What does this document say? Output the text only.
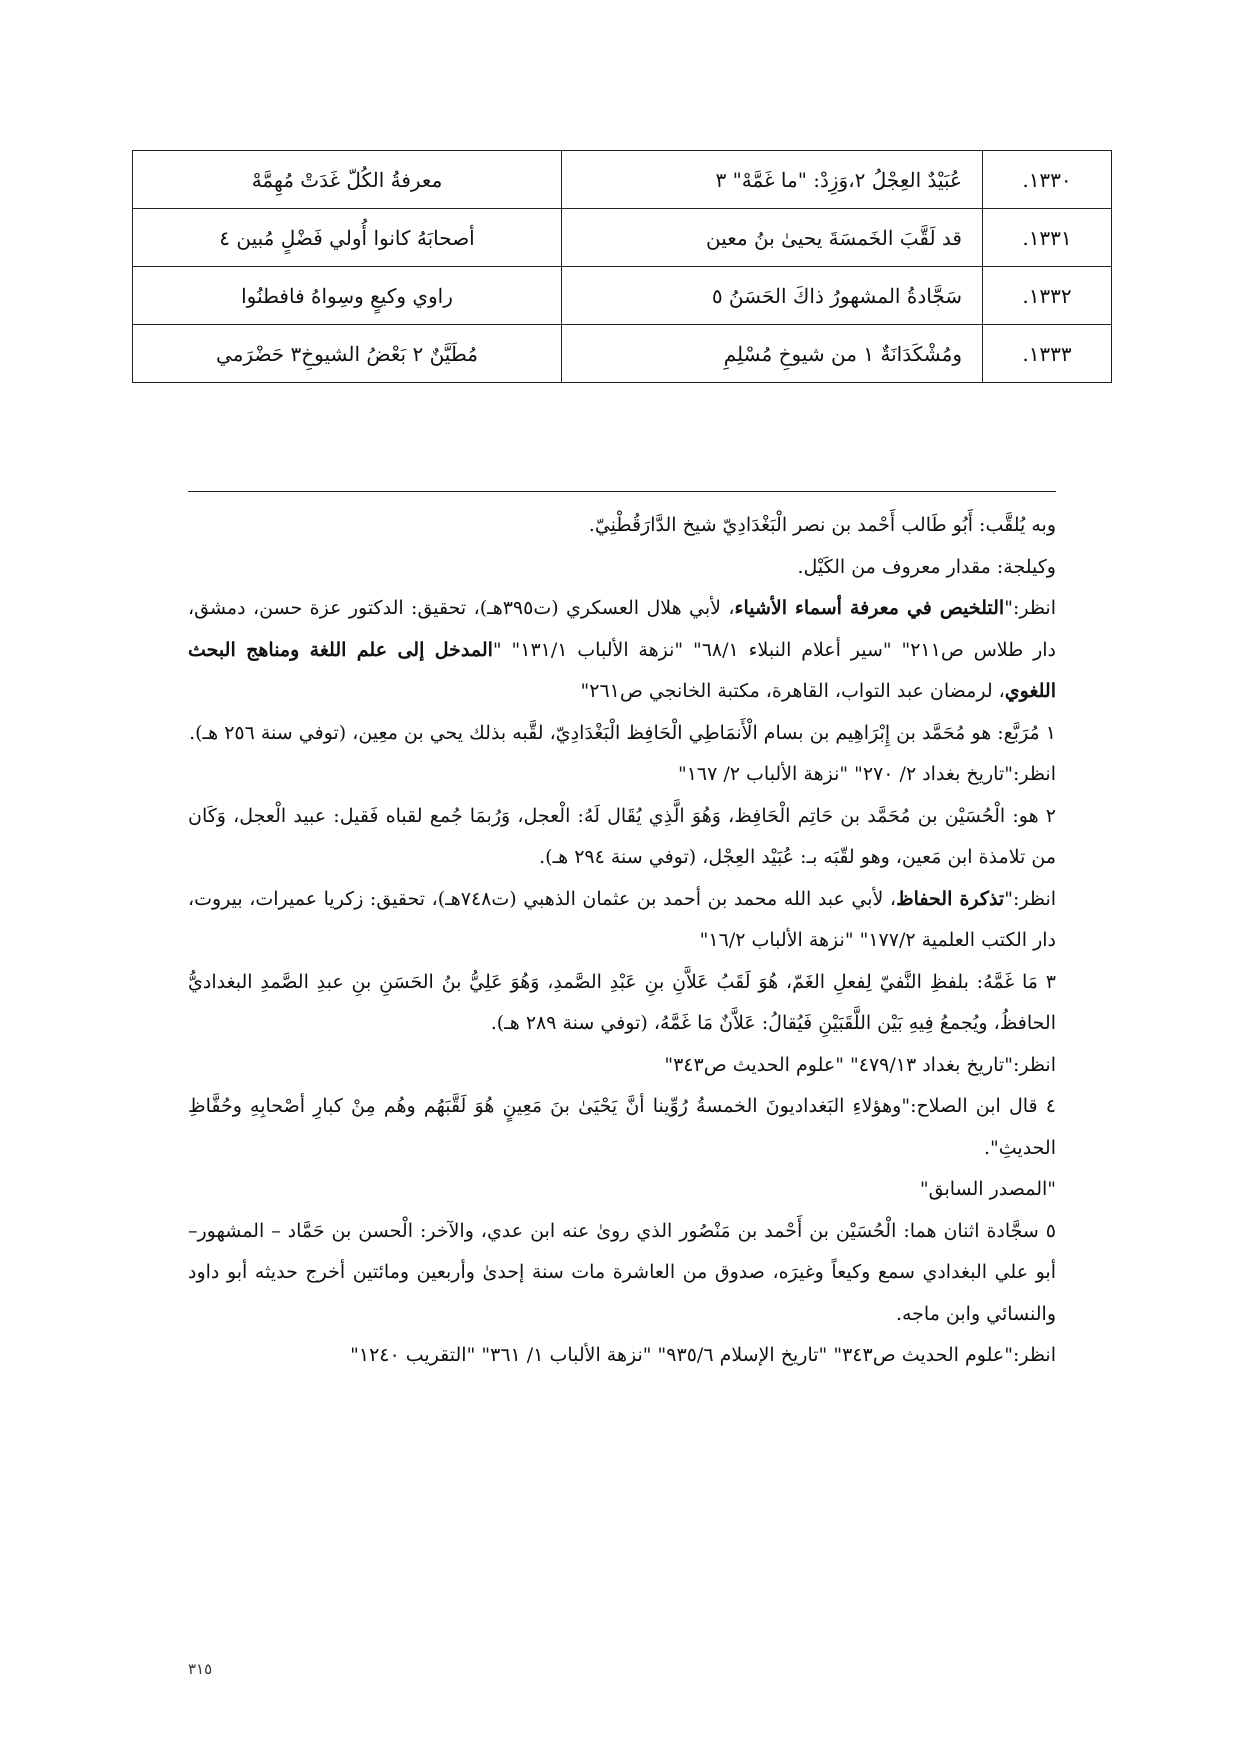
١٣٣٠.	عُبَيْدٌ العِجْلُ ٢،وَزِدْ: "ما غَمَّهْ" ٣	معرفةُ الكُلّ غَدَتْ مُهِمَّهْ
١٣٣١.	قد لَقَّبَ الخَمسَةَ يحيىٰ بنُ معين	أصحابَهُ كانوا أُولي فَضْلٍ مُبين ٤
١٣٣٢.	سَجَّادةُ المشهورُ ذاكَ الحَسَنُ ٥	راوي وكيعٍ وسِواهُ فافطنُوا
١٣٣٣.	ومُشْكَدَانَةٌ ١ من شيوخِ مُسْلِمِ	مُطَيَّنٌ ٢ بَعْضُ الشيوخِ٣ حَضْرَمي

وبه يُلقَّب: أَبُو طَالب أَحْمد بن نصر الْبَغْدَادِيّ شيخ الدَّارَقُطْنِيّ.

وكيلجة: مقدار معروف من الكَيْل.

انظر:"التلخيص في معرفة أسماء الأشياء، لأبي هلال العسكري (ت٣٩٥هـ)، تحقيق: الدكتور عزة حسن، دمشق، دار طلاس ص٢١١" "سير أعلام النبلاء ٦٨/١" "نزهة الألباب ١٣١/١" "المدخل إلى علم اللغة ومناهج البحث اللغوي، لرمضان عبد التواب، القاهرة، مكتبة الخانجي ص٢٦١"

١ مُرَبَّع: هو مُحَمَّد بن إِبْرَاهِيم بن بسام الْأَنمَاطِي الْحَافِظ الْبَغْدَادِيّ، لقَّبه بذلك يحي بن معِين، (توفي سنة ٢٥٦ هـ).

انظر:"تاريخ بغداد ٢/ ٢٧٠" "نزهة الألباب ٢/ ١٦٧"

٢ هو: الْحُسَيْن بن مُحَمَّد بن حَاتِم الْحَافِظ، وَهُوَ الَّذِي يُقَال لَهُ: الْعجل، وَرُبمَا جُمع لقباه فَقيل: عبيد الْعجل، وَكَان من تلامذة ابن مَعين، وهو لقّبَه بـ: عُبَيْد العِجْل، (توفي سنة ٢٩٤ هـ).

انظر:"تذكرة الحفاظ، لأبي عبد الله محمد بن أحمد بن عثمان الذهبي (ت٧٤٨هـ)، تحقيق: زكريا عميرات، بيروت، دار الكتب العلمية ١٧٧/٢" "نزهة الألباب ١٦/٢"

٣ مَا غَمَّهُ: بلفظِ النَّفيّ لِفعلِ الغَمّ، هُوَ لَقَبُ عَلاَّنِ بنِ عَبْدِ الصَّمدِ، وَهُوَ عَلِيُّ بنُ الحَسَنِ بنِ عبدِ الصَّمدِ البغداديُّ الحافظُ، ويُجمعُ فِيهِ بَيْن اللَّقَبَيْنِ فَيُقالُ: عَلاَّنٌ مَا غَمَّهُ، (توفي سنة ٢٨٩ هـ).

انظر:"تاريخ بغداد ٤٧٩/١٣" "علوم الحديث ص٣٤٣"

٤ قال ابن الصلاح:"وهؤلاءِ البَغداديونَ الخمسةُ رُوِّينا أنَّ يَحْيَىٰ بنَ مَعِينٍ هُوَ لَقَّبَهُم وهُم مِنْ كبارِ أصْحابِهِ وحُفَّاظِ الحديثِ".

"المصدر السابق"

٥ سجَّادة اثنان هما: الْحُسَيْن بن أَحْمد بن مَنْصُور الذي روىٰ عنه ابن عدي، والآخر: الْحسن بن حَمَّاد – المشهور– أبو علي البغدادي سمع وكيعاً وغيرَه، صدوق من العاشرة مات سنة إحدىٰ وأربعين ومائتين أخرج حديثه أبو داود والنسائي وابن ماجه.

انظر:"علوم الحديث ص٣٤٣" "تاريخ الإسلام ٩٣٥/٦" "نزهة الألباب ١/ ٣٦١" "التقريب ١٢٤٠"

٣١٥
